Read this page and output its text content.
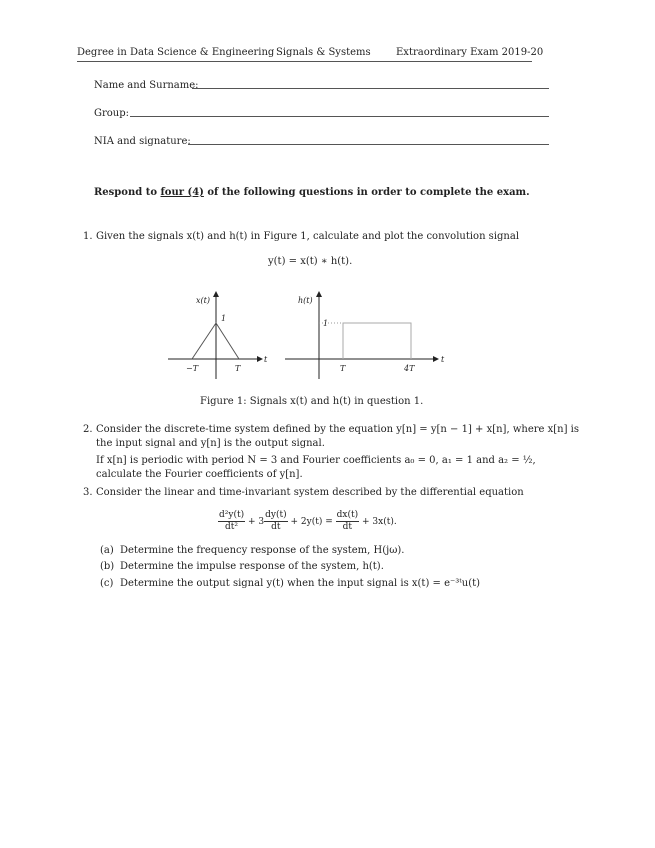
Degree in Data Science & Engineering Signals & Systems	Extraordinary Exam 2019-20
Name and Surname:
Group:
NIA and signature:
Respond to four (4) of the following questions in order to complete the exam.
1. Given the signals x(t) and h(t) in Figure 1, calculate and plot the convolution signal
y(t) = x(t) ∗ h(t).
x(t)
1
−T	T
t
h(t)
1
T	4T
t
Figure 1: Signals x(t) and h(t) in question 1.
2. Consider the discrete-time system defined by the equation y[n] = y[n − 1] + x[n], where x[n] is
the input signal and y[n] is the output signal.
If x[n] is periodic with period N = 3 and Fourier coefficients a₀ = 0, a₁ = 1 and a₂ = ½,
calculate the Fourier coefficients of y[n].
3. Consider the linear and time-invariant system described by the differential equation
$\frac{\text{d²y(t)}}{\text{dt²}} + 3 \frac{dy(t)}{dt} + 2y(t) = \frac{dx(t)}{dt} + 3x(t)$.
(a) Determine the frequency response of the system, H(jω).
(b) Determine the impulse response of the system, h(t).
(c) Determine the output signal y(t) when the input signal is x(t) = e⁻³ᵗu(t)
